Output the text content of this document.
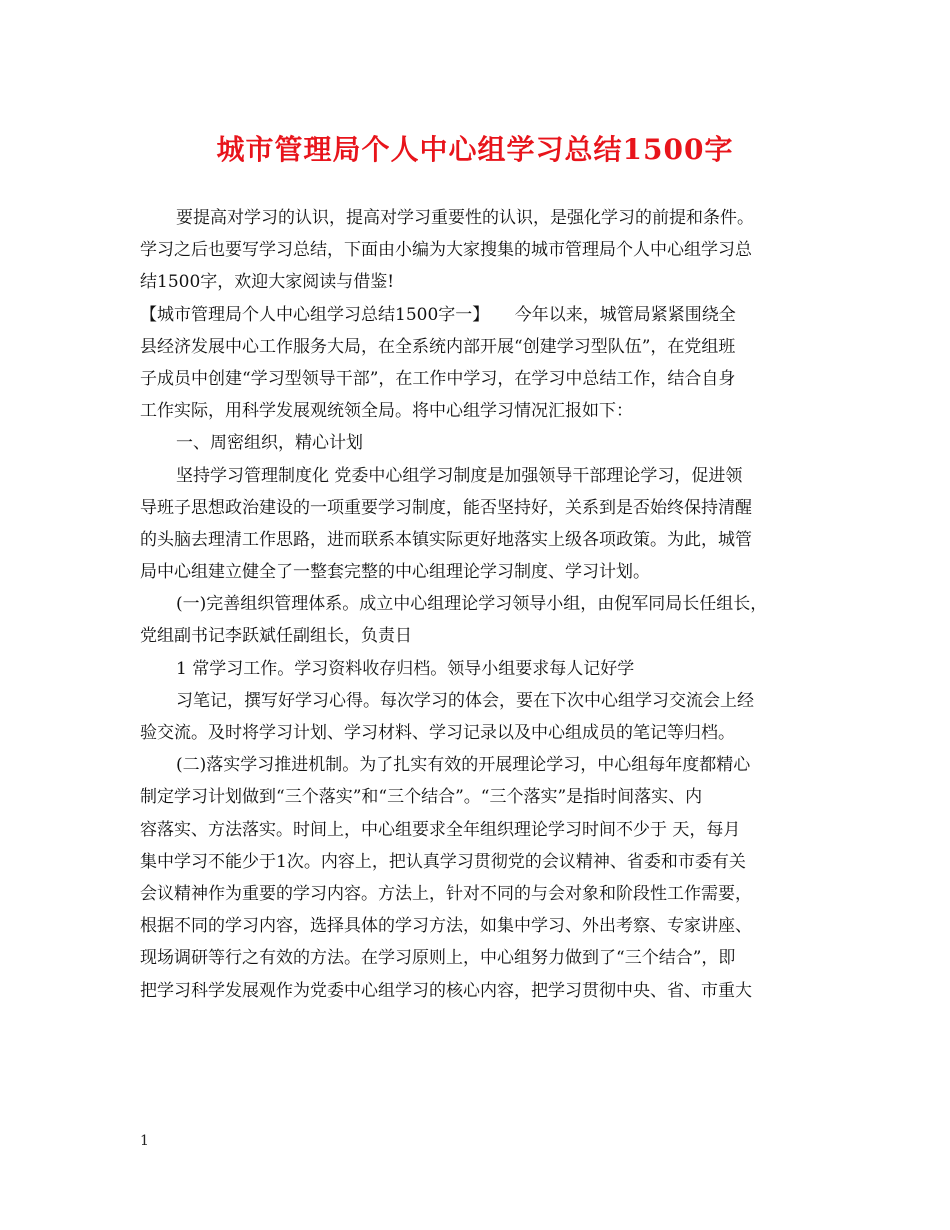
城市管理局个人中心组学习总结1500字
要提高对学习的认识，提高对学习重要性的认识，是强化学习的前提和条件。
学习之后也要写学习总结，下面由小编为大家搜集的城市管理局个人中心组学习总
结1500字，欢迎大家阅读与借鉴!
【城市管理局个人中心组学习总结1500字一】　　今年以来，城管局紧紧围绕全
县经济发展中心工作服务大局，在全系统内部开展“创建学习型队伍”，在党组班
子成员中创建“学习型领导干部”，在工作中学习，在学习中总结工作，结合自身
工作实际，用科学发展观统领全局。将中心组学习情况汇报如下：
一、周密组织，精心计划
坚持学习管理制度化 党委中心组学习制度是加强领导干部理论学习，促进领
导班子思想政治建设的一项重要学习制度，能否坚持好，关系到是否始终保持清醒
的头脑去理清工作思路，进而联系本镇实际更好地落实上级各项政策。为此，城管
局中心组建立健全了一整套完整的中心组理论学习制度、学习计划。
(一)完善组织管理体系。成立中心组理论学习领导小组，由倪军同局长任组长，
党组副书记李跃斌任副组长，负责日
1 常学习工作。学习资料收存归档。领导小组要求每人记好学
习笔记，撰写好学习心得。每次学习的体会，要在下次中心组学习交流会上经
验交流。及时将学习计划、学习材料、学习记录以及中心组成员的笔记等归档。
(二)落实学习推进机制。为了扎实有效的开展理论学习，中心组每年度都精心
制定学习计划做到“三个落实”和“三个结合”。“三个落实”是指时间落实、内
容落实、方法落实。时间上，中心组要求全年组织理论学习时间不少于 天，每月
集中学习不能少于1次。内容上，把认真学习贯彻党的会议精神、省委和市委有关
会议精神作为重要的学习内容。方法上，针对不同的与会对象和阶段性工作需要，
根据不同的学习内容，选择具体的学习方法，如集中学习、外出考察、专家讲座、
现场调研等行之有效的方法。在学习原则上，中心组努力做到了“三个结合”，即
把学习科学发展观作为党委中心组学习的核心内容，把学习贯彻中央、省、市重大
1
